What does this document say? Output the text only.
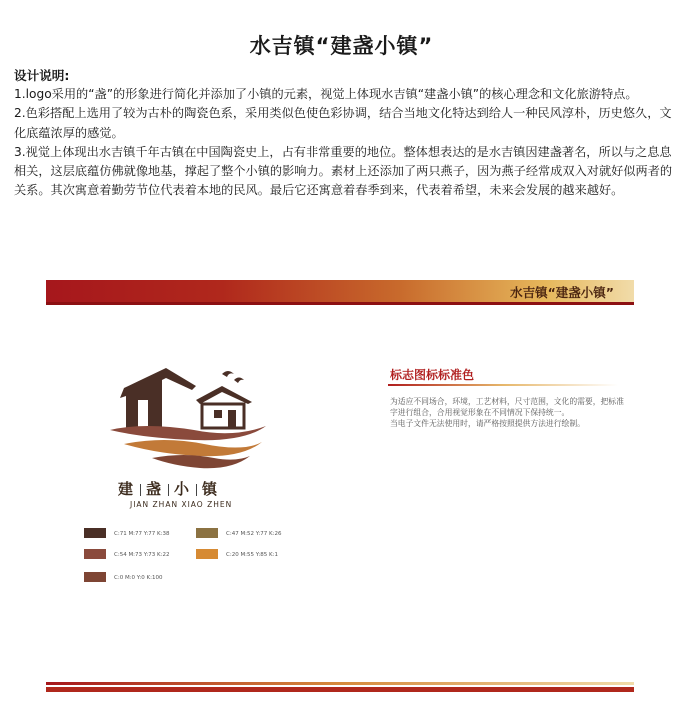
水吉镇“建盏小镇”

设计说明:

1.logo采用的“盏”的形象进行简化并添加了小镇的元素，视觉上体现水吉镇“建盏小镇”的核心理念和文化旅游特点。

2.色彩搭配上选用了较为古朴的陶瓷色系，采用类似色使色彩协调，结合当地文化特达到给人一种民风淳朴，历史悠久，文化底蕴浓厚的感觉。

3.视觉上体现出水吉镇千年古镇在中国陶瓷史上，占有非常重要的地位。整体想表达的是水吉镇因建盏著名，所以与之息息相关，这层底蕴仿佛就像地基，撑起了整个小镇的影响力。素材上还添加了两只燕子，因为燕子经常成双入对就好似两者的关系。其次寓意着勤劳节位代表着本地的民风。最后它还寓意着春季到来，代表着希望，未来会发展的越来越好。

水吉镇“建盏小镇”
建 盏 小 镇
JIAN ZHAN XIAO ZHEN
标志图标标准色

为适应不同场合，环境，工艺材料，尺寸范围，文化的需要，把标准字进行组合，合用视觉形象在不同情况下保持统一。

当电子文件无法使用时，请严格按照提供方法进行绘制。

C:71 M:77 Y:77 K:38	C:47 M:52 Y:77 K:26
C:54 M:73 Y:73 K:22	C:20 M:55 Y:85 K:1
C:0 M:0 Y:0 K:100
